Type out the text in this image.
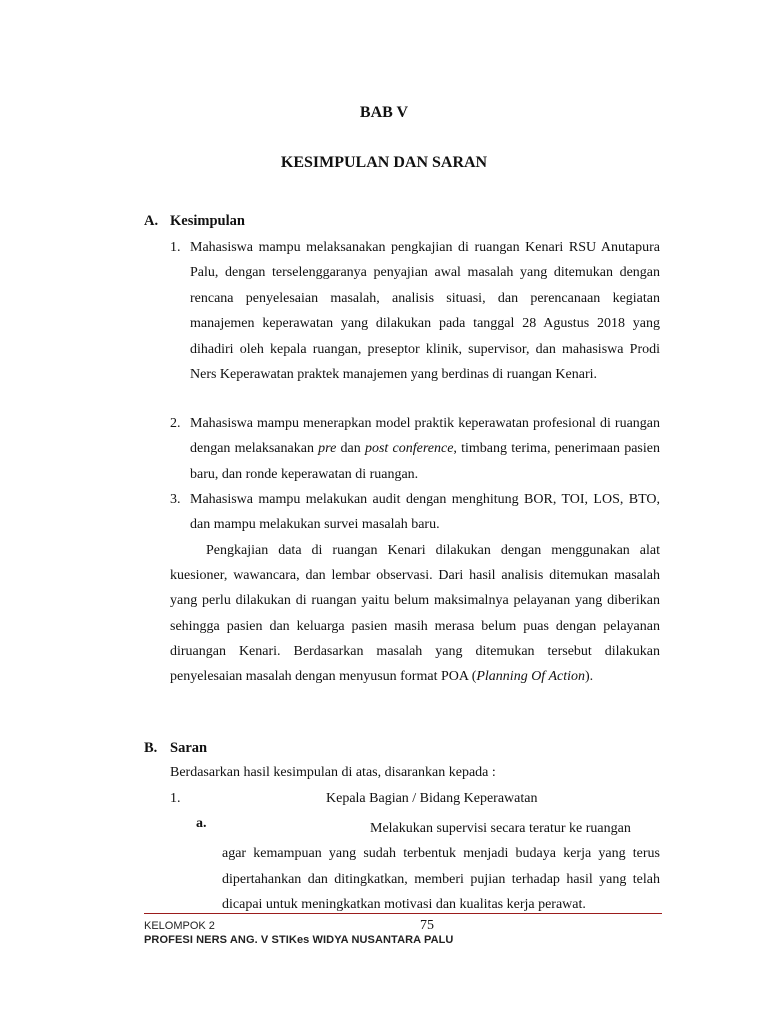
BAB V
KESIMPULAN DAN SARAN
A. Kesimpulan
1. Mahasiswa mampu melaksanakan pengkajian di ruangan Kenari RSU Anutapura Palu, dengan terselenggaranya penyajian awal masalah yang ditemukan dengan rencana penyelesaian masalah, analisis situasi, dan perencanaan kegiatan manajemen keperawatan yang dilakukan pada tanggal 28 Agustus 2018 yang dihadiri oleh kepala ruangan, preseptor klinik, supervisor, dan mahasiswa Prodi Ners Keperawatan praktek manajemen yang berdinas di ruangan Kenari.
2. Mahasiswa mampu menerapkan model praktik keperawatan profesional di ruangan dengan melaksanakan pre dan post conference, timbang terima, penerimaan pasien baru, dan ronde keperawatan di ruangan.
3. Mahasiswa mampu melakukan audit dengan menghitung BOR, TOI, LOS, BTO, dan mampu melakukan survei masalah baru.
Pengkajian data di ruangan Kenari dilakukan dengan menggunakan alat kuesioner, wawancara, dan lembar observasi. Dari hasil analisis ditemukan masalah yang perlu dilakukan di ruangan yaitu belum maksimalnya pelayanan yang diberikan sehingga pasien dan keluarga pasien masih merasa belum puas dengan pelayanan diruangan Kenari. Berdasarkan masalah yang ditemukan tersebut dilakukan penyelesaian masalah dengan menyusun format POA (Planning Of Action).
B. Saran
Berdasarkan hasil kesimpulan di atas, disarankan kepada :
1.	Kepala Bagian / Bidang Keperawatan
a.	Melakukan supervisi secara teratur ke ruangan
agar kemampuan yang sudah terbentuk menjadi budaya kerja yang terus dipertahankan dan ditingkatkan, memberi pujian terhadap hasil yang telah dicapai untuk meningkatkan motivasi dan kualitas kerja perawat.
KELOMPOK 2	75
PROFESI NERS ANG. V STIKes WIDYA NUSANTARA PALU
